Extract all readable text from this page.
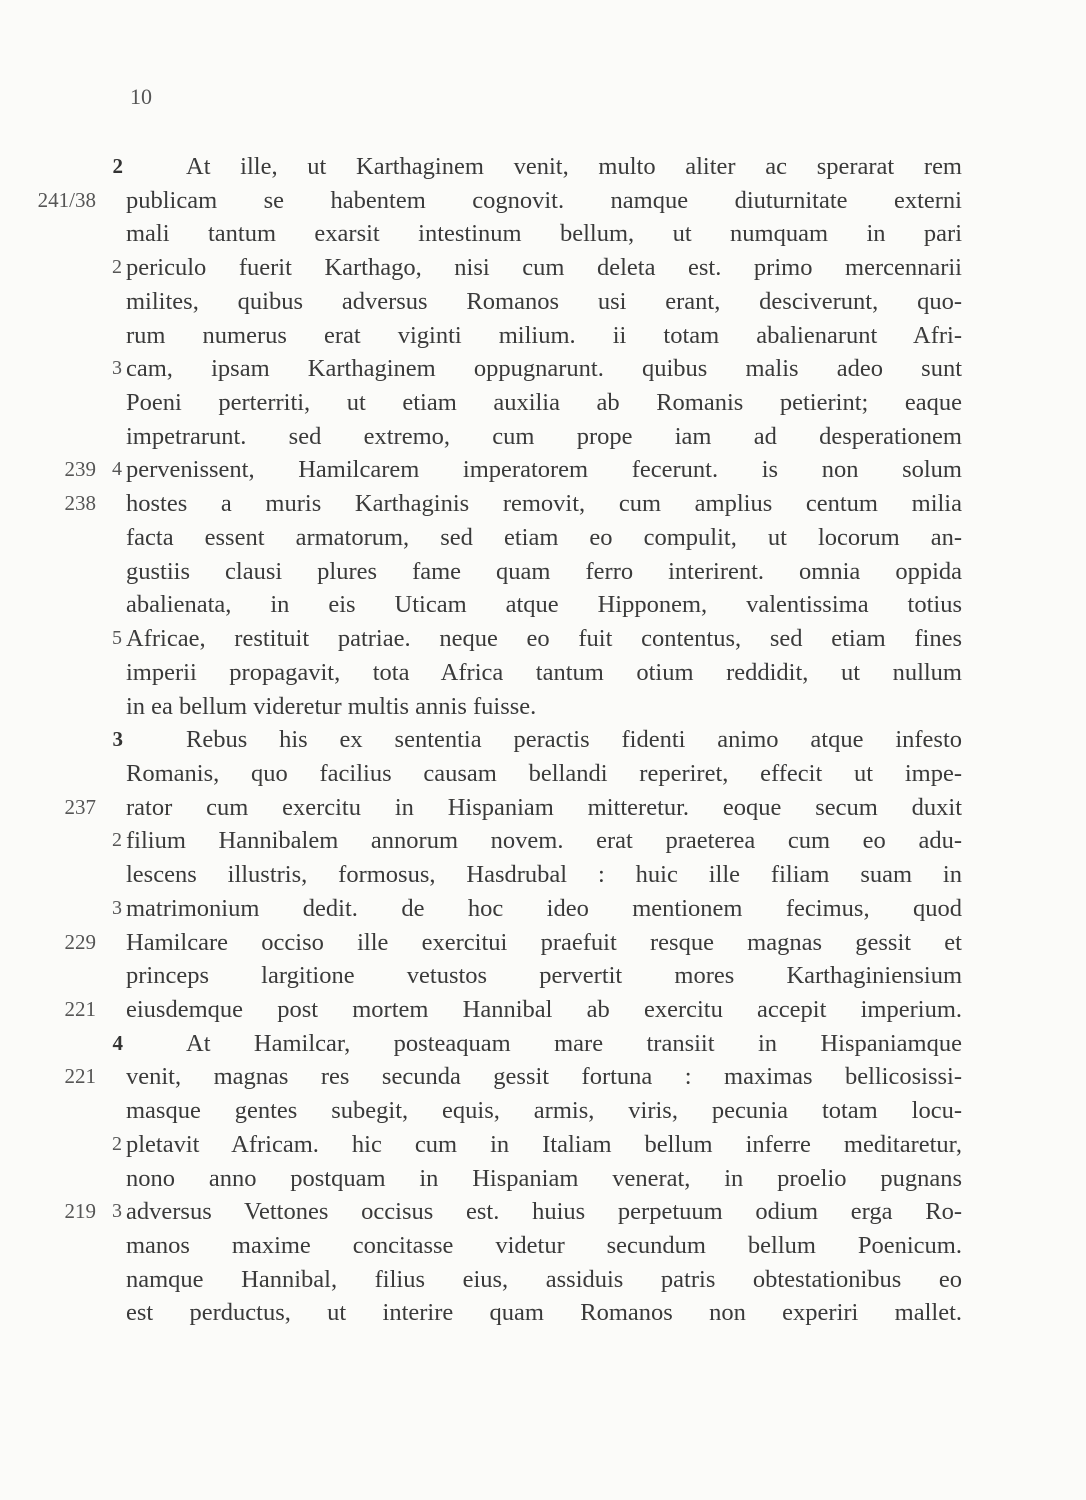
10
2	At ille, ut Karthaginem venit, multo aliter ac sperarat rem
241/38 publicam se habentem cognovit. namque diuturnitate externi
mali tantum exarsit intestinum bellum, ut numquam in pari
2 periculo fuerit Karthago, nisi cum deleta est. primo mercennarii
milites, quibus adversus Romanos usi erant, desciverunt, quo-
rum numerus erat viginti milium. ii totam abalienarunt Afri-
3 cam, ipsam Karthaginem oppugnarunt. quibus malis adeo sunt
Poeni perterriti, ut etiam auxilia ab Romanis petierint; eaque
impetrarunt. sed extremo, cum prope iam ad desperationem
239 4 pervenissent, Hamilcarem imperatorem fecerunt. is non solum
238 hostes a muris Karthaginis removit, cum amplius centum milia
facta essent armatorum, sed etiam eo compulit, ut locorum an-
gustiis clausi plures fame quam ferro interirent. omnia oppida
abalienata, in eis Uticam atque Hipponem, valentissima totius
5 Africae, restituit patriae. neque eo fuit contentus, sed etiam fines
imperii propagavit, tota Africa tantum otium reddidit, ut nullum
in ea bellum videretur multis annis fuisse.
3	Rebus his ex sententia peractis fidenti animo atque infesto
Romanis, quo facilius causam bellandi reperiret, effecit ut impe-
237 rator cum exercitu in Hispaniam mitteretur. eoque secum duxit
2 filium Hannibalem annorum novem. erat praeterea cum eo adu-
lescens illustris, formosus, Hasdrubal : huic ille filiam suam in
3 matrimonium dedit. de hoc ideo mentionem fecimus, quod
229 Hamilcare occiso ille exercitui praefuit resque magnas gessit et
princeps largitione vetustos pervertit mores Karthaginiensium
221 eiusdemque post mortem Hannibal ab exercitu accepit imperium.
4	At Hamilcar, posteaquam mare transiit in Hispaniamque
221 venit, magnas res secunda gessit fortuna : maximas bellicosissi-
masque gentes subegit, equis, armis, viris, pecunia totam locu-
2 pletavit Africam. hic cum in Italiam bellum inferre meditaretur,
nono anno postquam in Hispaniam venerat, in proelio pugnans
219 3 adversus Vettones occisus est. huius perpetuum odium erga Ro-
manos maxime concitasse videtur secundum bellum Poenicum.
namque Hannibal, filius eius, assiduis patris obtestationibus eo
est perductus, ut interire quam Romanos non experiri mallet.
